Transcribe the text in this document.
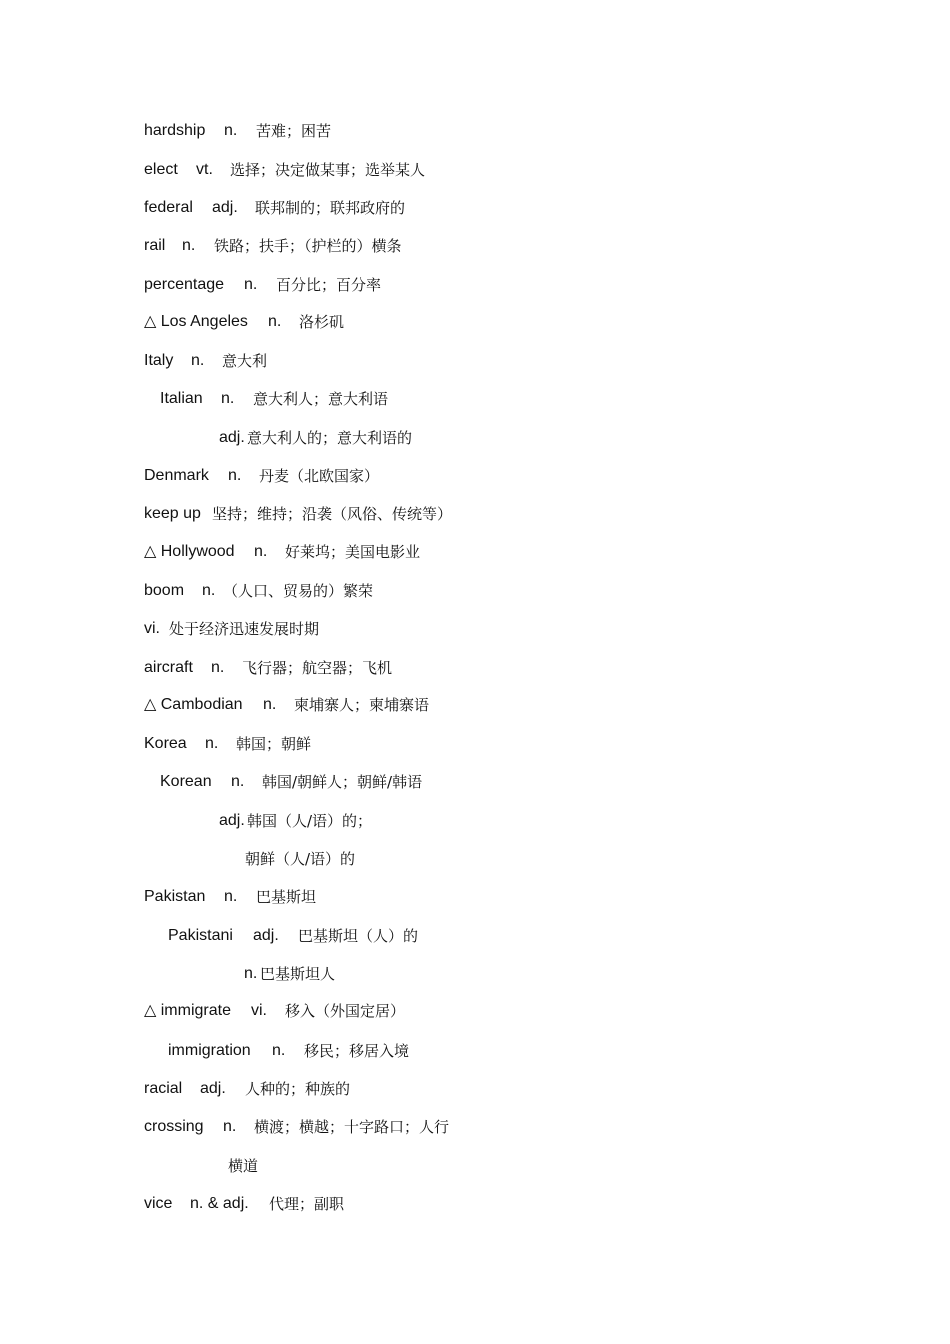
hardship n. 苦难；困苦
elect vt. 选择；决定做某事；选举某人
federal adj. 联邦制的；联邦政府的
rail n. 铁路；扶手；（护栏的）横条
percentage n. 百分比；百分率
△ Los Angeles n. 洛杉矶
Italy n. 意大利
Italian n. 意大利人；意大利语
adj. 意大利人的；意大利语的
Denmark n. 丹麦（北欧国家）
keep up 坚持；维持；沿袭（风俗、传统等）
△ Hollywood n. 好莱坞；美国电影业
boom n. （人口、贸易的）繁荣
vi. 处于经济迅速发展时期
aircraft n. 飞行器；航空器；飞机
△ Cambodian n. 柬埔寨人；柬埔寨语
Korea n. 韩国；朝鲜
Korean n. 韩国/朝鲜人；朝鲜/韩语
adj. 韩国（人/语）的；
朝鲜（人/语）的
Pakistan n. 巴基斯坦
Pakistani adj. 巴基斯坦（人）的
n. 巴基斯坦人
△ immigrate vi. 移入（外国定居）
immigration n. 移民；移居入境
racial adj. 人种的；种族的
crossing n. 横渡；横越；十字路口；人行
横道
vice n. & adj. 代理；副职
